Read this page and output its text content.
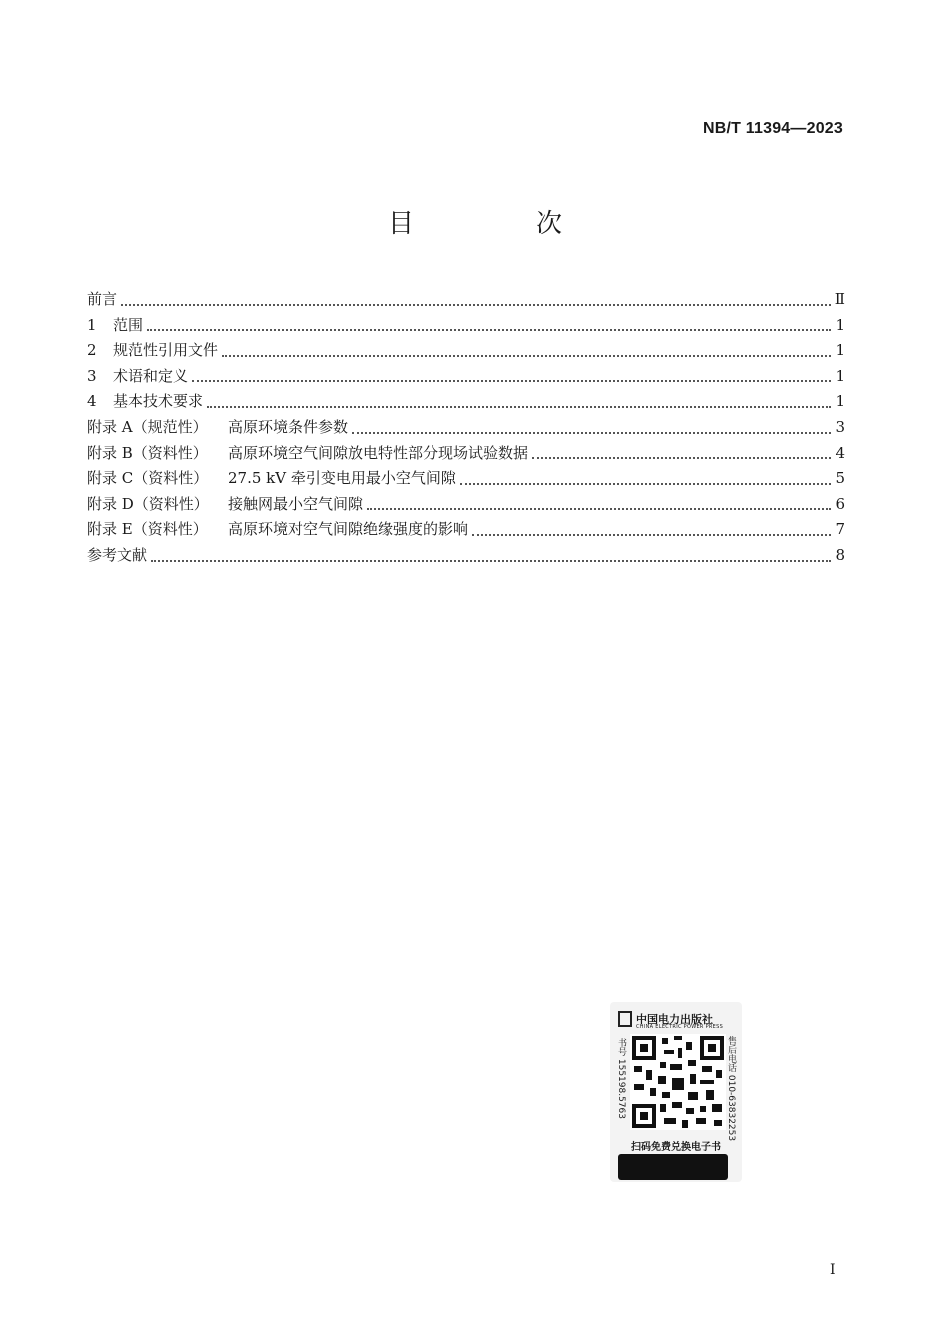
NB/T 11394—2023
目　次
前言	Ⅱ
1 范围	1
2 规范性引用文件	1
3 术语和定义	1
4 基本技术要求	1
附录 A（规范性） 高原环境条件参数	3
附录 B（资料性） 高原环境空气间隙放电特性部分现场试验数据	4
附录 C（资料性） 27.5 kV 牵引变电用最小空气间隙	5
附录 D（资料性） 接触网最小空气间隙	6
附录 E（资料性） 高原环境对空气间隙绝缘强度的影响	7
参考文献	8
中国电力出版社
CHINA ELECTRIC POWER PRESS
书号 155198.5763	售后电话 010-63832253
扫码免费兑换电子书
I
